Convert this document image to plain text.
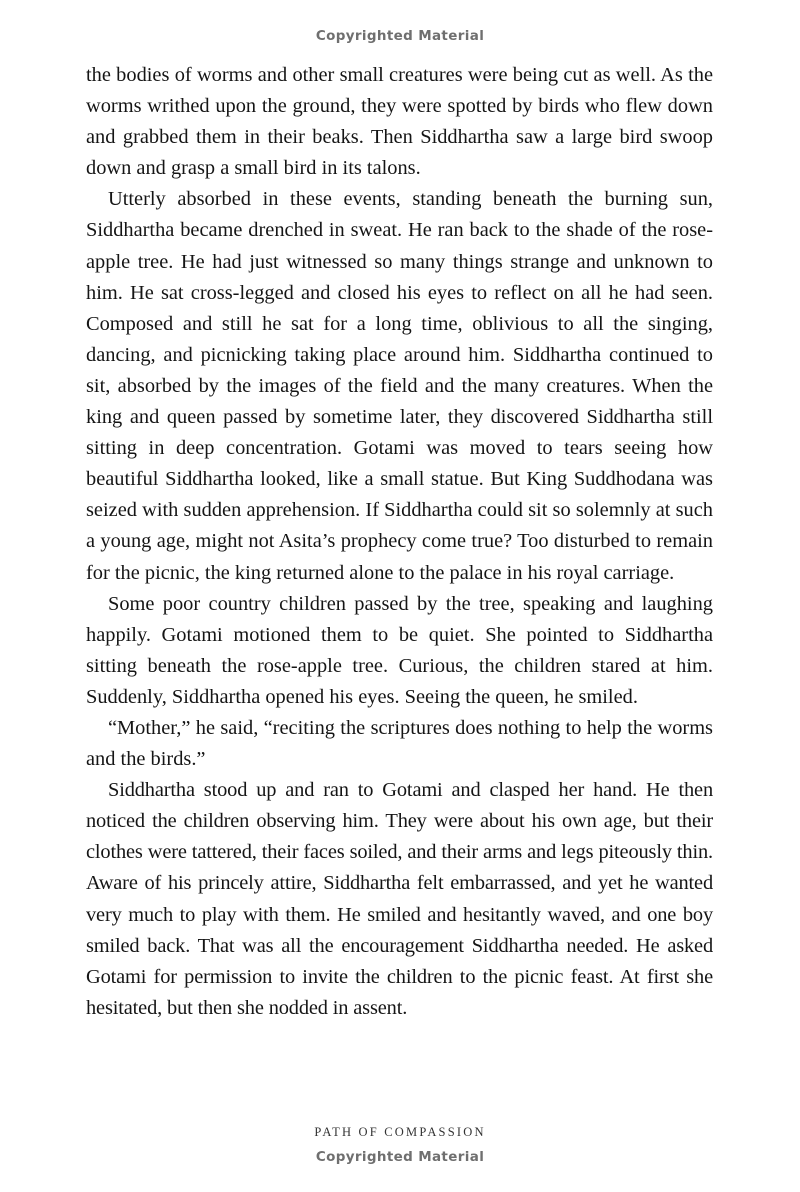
Copyrighted Material

the bodies of worms and other small creatures were being cut as well. As the worms writhed upon the ground, they were spotted by birds who flew down and grabbed them in their beaks. Then Siddhartha saw a large bird swoop down and grasp a small bird in its talons.

Utterly absorbed in these events, standing beneath the burning sun, Siddhartha became drenched in sweat. He ran back to the shade of the rose-apple tree. He had just witnessed so many things strange and unknown to him. He sat cross-legged and closed his eyes to reflect on all he had seen. Composed and still he sat for a long time, oblivious to all the singing, dancing, and picnicking taking place around him. Siddhartha continued to sit, absorbed by the images of the field and the many creatures. When the king and queen passed by sometime later, they discovered Siddhartha still sitting in deep concentration. Gotami was moved to tears seeing how beautiful Siddhartha looked, like a small statue. But King Suddhodana was seized with sudden apprehension. If Siddhartha could sit so solemnly at such a young age, might not Asita’s prophecy come true? Too disturbed to remain for the picnic, the king returned alone to the palace in his royal carriage.

Some poor country children passed by the tree, speaking and laughing happily. Gotami motioned them to be quiet. She pointed to Siddhartha sitting beneath the rose-apple tree. Curious, the children stared at him. Suddenly, Siddhartha opened his eyes. Seeing the queen, he smiled.

“Mother,” he said, “reciting the scriptures does nothing to help the worms and the birds.”

Siddhartha stood up and ran to Gotami and clasped her hand. He then noticed the children observing him. They were about his own age, but their clothes were tattered, their faces soiled, and their arms and legs piteously thin. Aware of his princely attire, Siddhartha felt embarrassed, and yet he wanted very much to play with them. He smiled and hesitantly waved, and one boy smiled back. That was all the encouragement Siddhartha needed. He asked Gotami for permission to invite the children to the picnic feast. At first she hesitated, but then she nodded in assent.

PATH OF COMPASSION
Copyrighted Material
